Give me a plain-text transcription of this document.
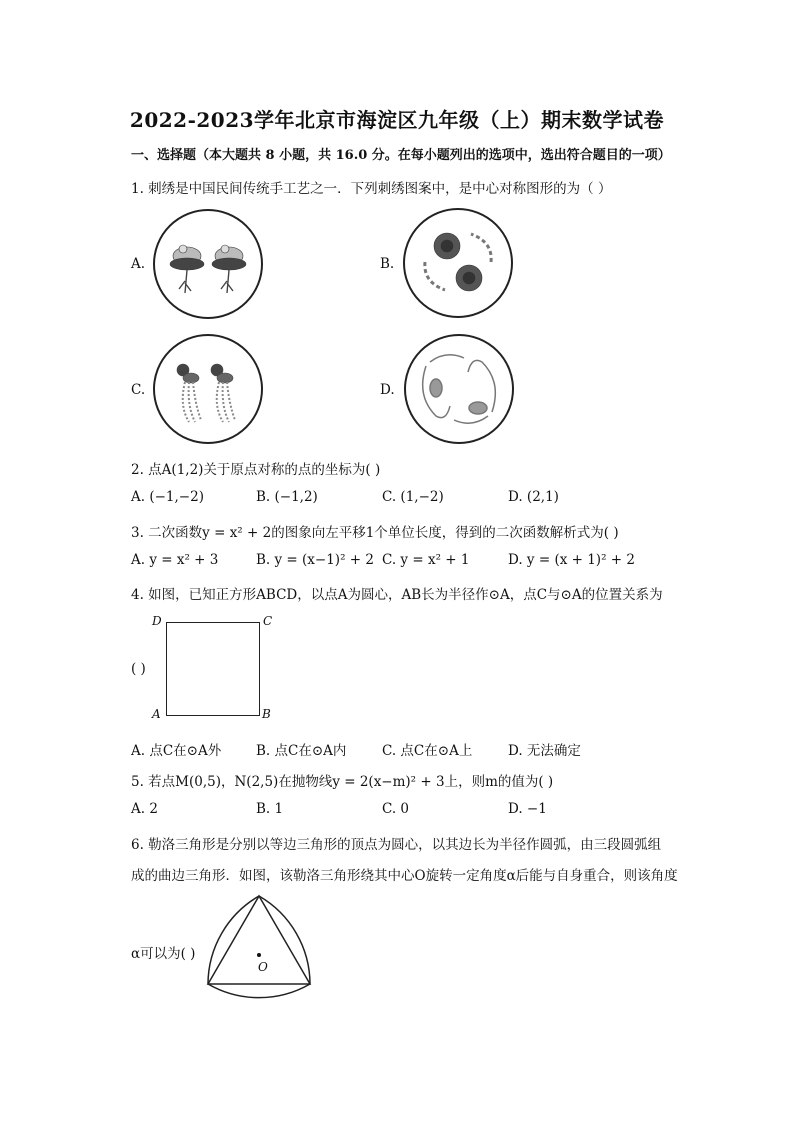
2022-2023学年北京市海淀区九年级（上）期末数学试卷
一、选择题（本大题共 8 小题，共 16.0 分。在每小题列出的选项中，选出符合题目的一项）
1. 刺绣是中国民间传统手工艺之一．下列刺绣图案中，是中心对称图形的为（ ）
A.	B.
C.	D.
2. 点A(1,2)关于原点对称的点的坐标为( )
A. (−1,−2)	B. (−1,2)	C. (1,−2)	D. (2,1)
3. 二次函数y = x² + 2的图象向左平移1个单位长度，得到的二次函数解析式为( )
A. y = x² + 3	B. y = (x−1)² + 2 C. y = x² + 1	D. y = (x + 1)² + 2
4. 如图，已知正方形ABCD，以点A为圆心，AB长为半径作⊙A，点C与⊙A的位置关系为
( )
D	C
A	B
A. 点C在⊙A外	B. 点C在⊙A内	C. 点C在⊙A上	D. 无法确定
5. 若点M(0,5)，N(2,5)在抛物线y = 2(x−m)² + 3上，则m的值为( )
A. 2	B. 1	C. 0	D. −1
6. 勒洛三角形是分别以等边三角形的顶点为圆心，以其边长为半径作圆弧，由三段圆弧组
成的曲边三角形．如图，该勒洛三角形绕其中心O旋转一定角度α后能与自身重合，则该角度
α可以为( )
O
